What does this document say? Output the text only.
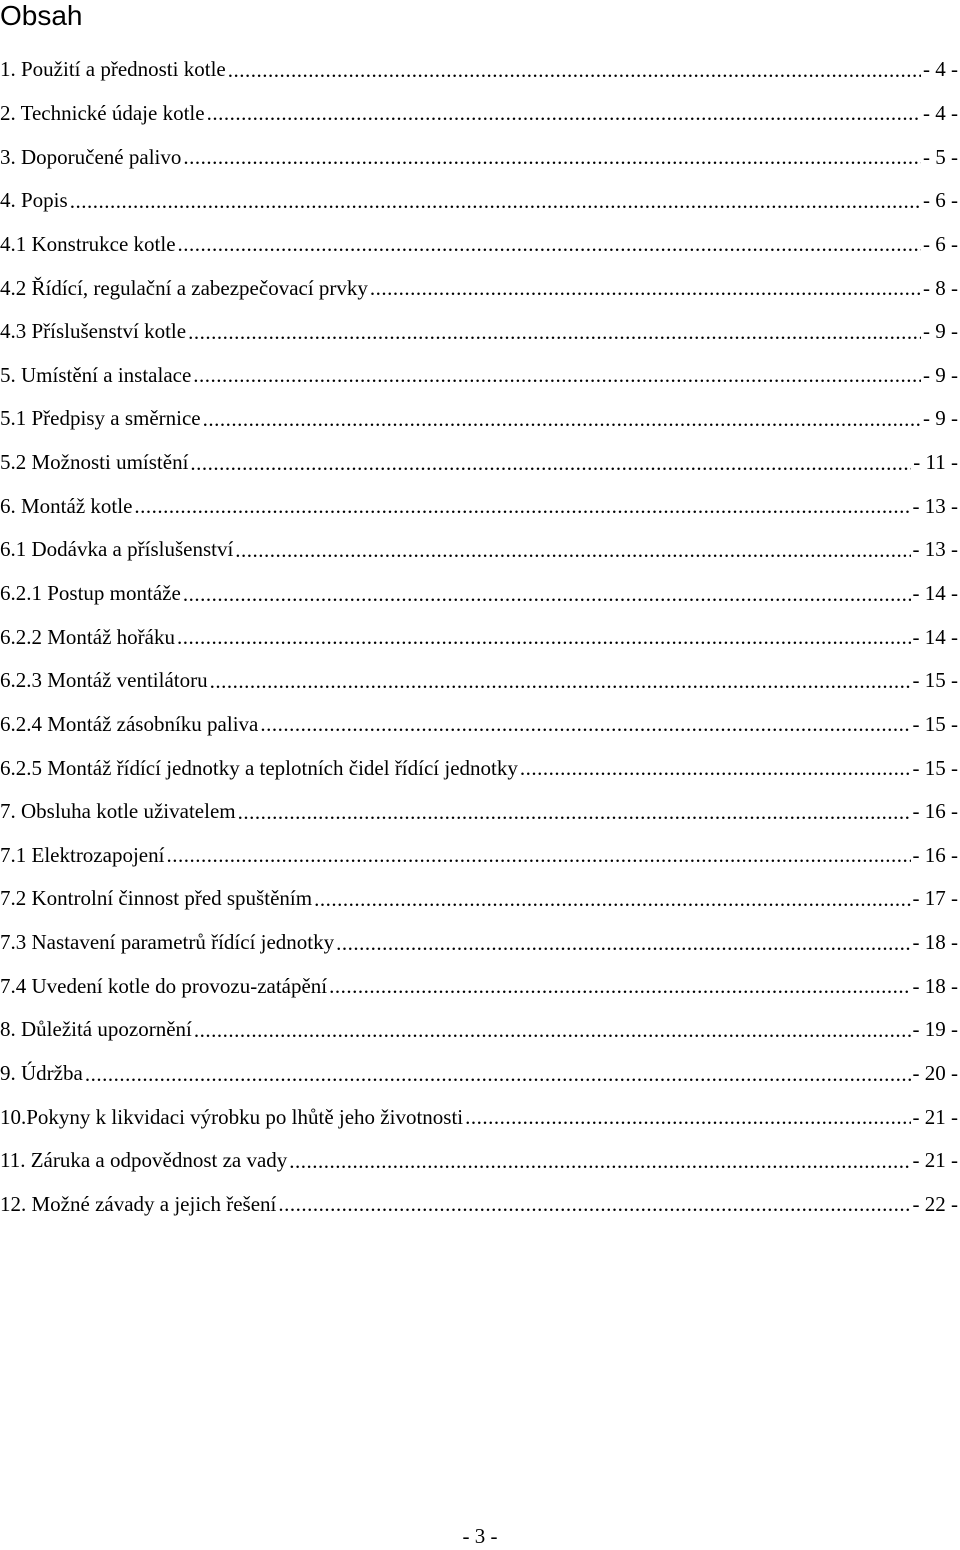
Obsah
1. Použití a přednosti kotle .....	- 4 -
2. Technické údaje kotle .....	- 4 -
3. Doporučené palivo .....	- 5 -
4. Popis .....	- 6 -
4.1 Konstrukce kotle .....	- 6 -
4.2 Řídící, regulační a zabezpečovací prvky .....	- 8 -
4.3 Příslušenství kotle .....	- 9 -
5. Umístění a instalace .....	- 9 -
5.1 Předpisy a směrnice .....	- 9 -
5.2 Možnosti umístění .....	- 11 -
6. Montáž kotle .....	- 13 -
6.1 Dodávka a příslušenství .....	- 13 -
6.2.1 Postup montáže .....	- 14 -
6.2.2 Montáž hořáku .....	- 14 -
6.2.3 Montáž ventilátoru .....	- 15 -
6.2.4 Montáž zásobníku paliva .....	- 15 -
6.2.5 Montáž řídící jednotky a teplotních čidel řídící jednotky .....	- 15 -
7. Obsluha kotle uživatelem .....	- 16 -
7.1 Elektrozapojení .....	- 16 -
7.2 Kontrolní činnost před spuštěním .....	- 17 -
7.3 Nastavení parametrů řídící jednotky .....	- 18 -
7.4 Uvedení kotle do provozu-zatápění .....	- 18 -
8. Důležitá upozornění .....	- 19 -
9. Údržba .....	- 20 -
10.Pokyny k likvidaci výrobku po lhůtě jeho životnosti .....	- 21 -
11. Záruka a odpovědnost za vady .....	- 21 -
12. Možné závady a jejich řešení .....	- 22 -
- 3 -
